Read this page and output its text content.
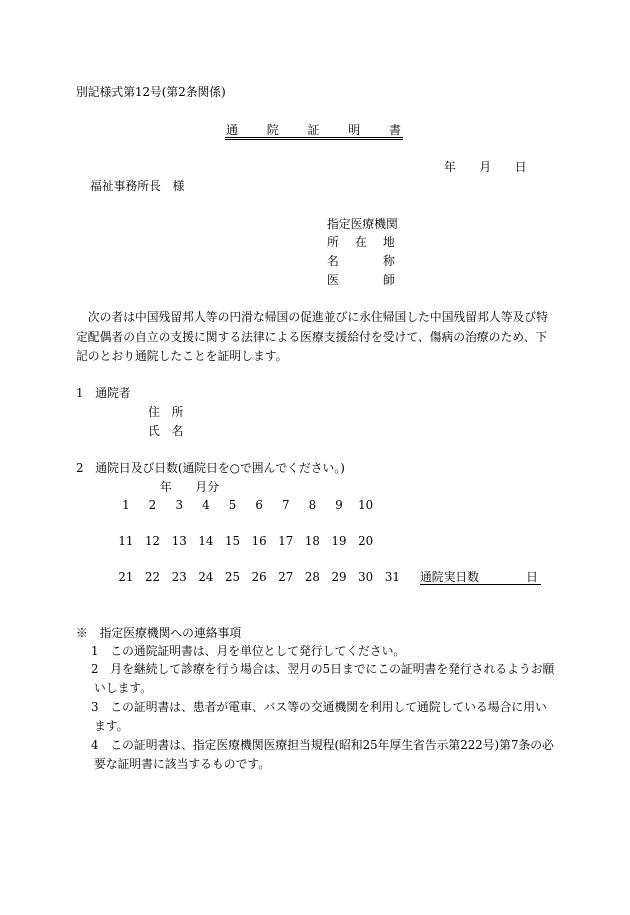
別記様式第12号(第2条関係)
通院証明書
年　　月　　日
福祉事務所長　様
指定医療機関
所　在　地
名　　　称
医　　　師
　次の者は中国残留邦人等の円滑な帰国の促進並びに永住帰国した中国残留邦人等及び特
定配偶者の自立の支援に関する法律による医療支援給付を受けて、傷病の治療のため、下
記のとおり通院したことを証明します。
1　通院者
住　所
氏　名
2　通院日及び日数(通院日を○で囲んでください。)
年　　月分
1	2	3	4	5	6	7	8	9	10
11 12 13 14 15 16 17 18 19 20
21 22 23 24 25 26 27 28 29 30 31	通院実日数　　　　日
※　指定医療機関への連絡事項
1　この通院証明書は、月を単位として発行してください。
2　月を継続して診療を行う場合は、翌月の5日までにこの証明書を発行されるようお願
いします。
3　この証明書は、患者が電車、バス等の交通機関を利用して通院している場合に用い
ます。
4　この証明書は、指定医療機関医療担当規程(昭和25年厚生省告示第222号)第7条の必
要な証明書に該当するものです。
